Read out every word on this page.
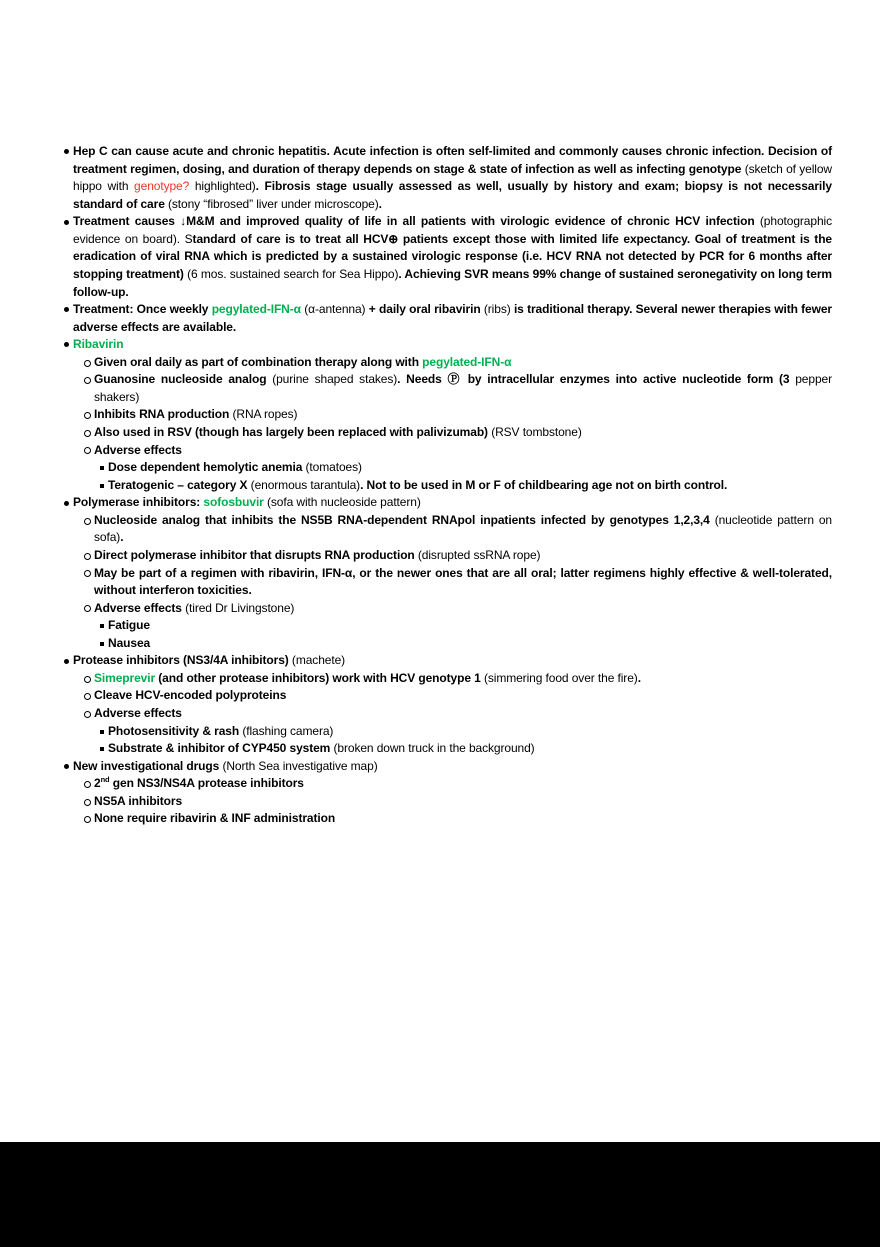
Hep C can cause acute and chronic hepatitis. Acute infection is often self-limited and commonly causes chronic infection. Decision of treatment regimen, dosing, and duration of therapy depends on stage & state of infection as well as infecting genotype (sketch of yellow hippo with genotype? highlighted). Fibrosis stage usually assessed as well, usually by history and exam; biopsy is not necessarily standard of care (stony “fibrosed” liver under microscope).
Treatment causes ↓M&M and improved quality of life in all patients with virologic evidence of chronic HCV infection (photographic evidence on board). Standard of care is to treat all HCV⊕ patients except those with limited life expectancy. Goal of treatment is the eradication of viral RNA which is predicted by a sustained virologic response (i.e. HCV RNA not detected by PCR for 6 months after stopping treatment) (6 mos. sustained search for Sea Hippo). Achieving SVR means 99% change of sustained seronegativity on long term follow-up.
Treatment: Once weekly pegylated-IFN-α (α-antenna) + daily oral ribavirin (ribs) is traditional therapy. Several newer therapies with fewer adverse effects are available.
Ribavirin
Given oral daily as part of combination therapy along with pegylated-IFN-α
Guanosine nucleoside analog (purine shaped stakes). Needs Ⓟ by intracellular enzymes into active nucleotide form (3 pepper shakers)
Inhibits RNA production (RNA ropes)
Also used in RSV (though has largely been replaced with palivizumab) (RSV tombstone)
Adverse effects
Dose dependent hemolytic anemia (tomatoes)
Teratogenic – category X (enormous tarantula). Not to be used in M or F of childbearing age not on birth control.
Polymerase inhibitors: sofosbuvir (sofa with nucleoside pattern)
Nucleoside analog that inhibits the NS5B RNA-dependent RNApol inpatients infected by genotypes 1,2,3,4 (nucleotide pattern on sofa).
Direct polymerase inhibitor that disrupts RNA production (disrupted ssRNA rope)
May be part of a regimen with ribavirin, IFN-α, or the newer ones that are all oral; latter regimens highly effective & well-tolerated, without interferon toxicities.
Adverse effects (tired Dr Livingstone)
Fatigue
Nausea
Protease inhibitors (NS3/4A inhibitors) (machete)
Simeprevir (and other protease inhibitors) work with HCV genotype 1 (simmering food over the fire).
Cleave HCV-encoded polyproteins
Adverse effects
Photosensitivity & rash (flashing camera)
Substrate & inhibitor of CYP450 system (broken down truck in the background)
New investigational drugs (North Sea investigative map)
2nd gen NS3/NS4A protease inhibitors
NS5A inhibitors
None require ribavirin & INF administration
